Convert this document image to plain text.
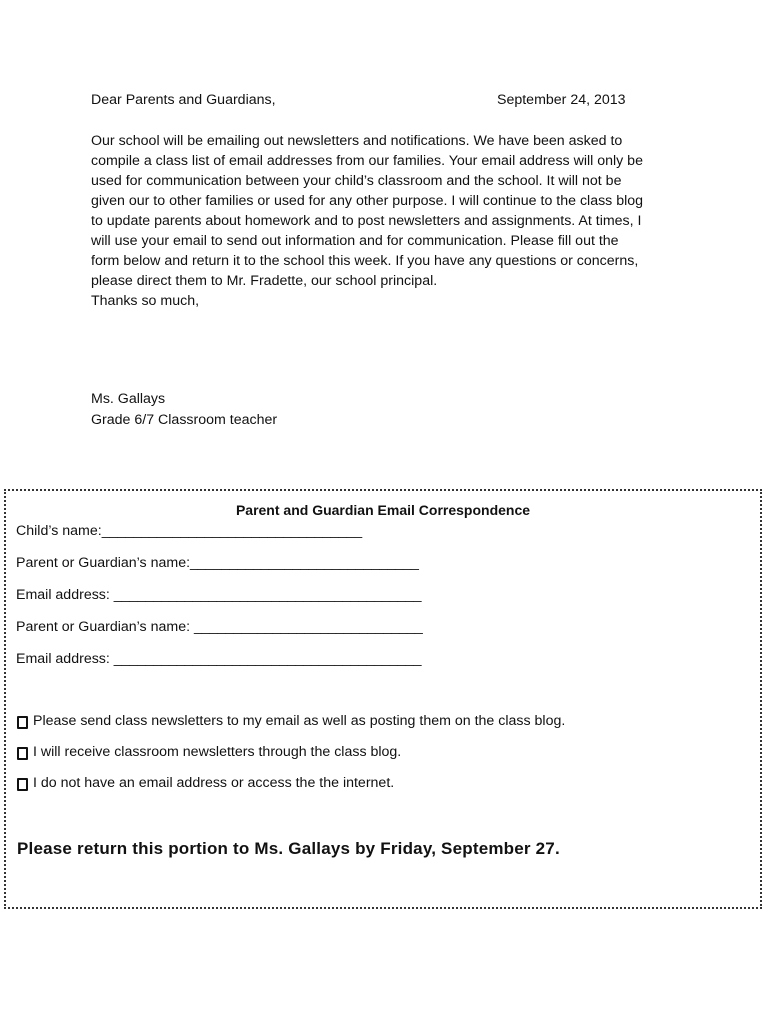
Dear Parents and Guardians,	September 24, 2013
Our school will be emailing out newsletters and notifications. We have been asked to
compile a class list of email addresses from our families. Your email address will only be
used for communication between your child’s classroom and the school. It will not be
given our to other families or used for any other purpose. I will continue to the class blog
to update parents about homework and to post newsletters and assignments. At times, I
will use your email to send out information and for communication. Please fill out the
form below and return it to the school this week. If you have any questions or concerns,
please direct them to Mr. Fradette, our school principal.
Thanks so much,
Ms. Gallays
Grade 6/7 Classroom teacher
Parent and Guardian Email Correspondence
Child’s name:_________________________________
Parent or Guardian’s name:_____________________________
Email address: _______________________________________
Parent or Guardian’s name: _____________________________
Email address: _______________________________________
Please send class newsletters to my email as well as posting them on the class blog.
I will receive classroom newsletters through the class blog.
I do not have an email address or access the the internet.
Please return this portion to Ms. Gallays by Friday, September 27.
